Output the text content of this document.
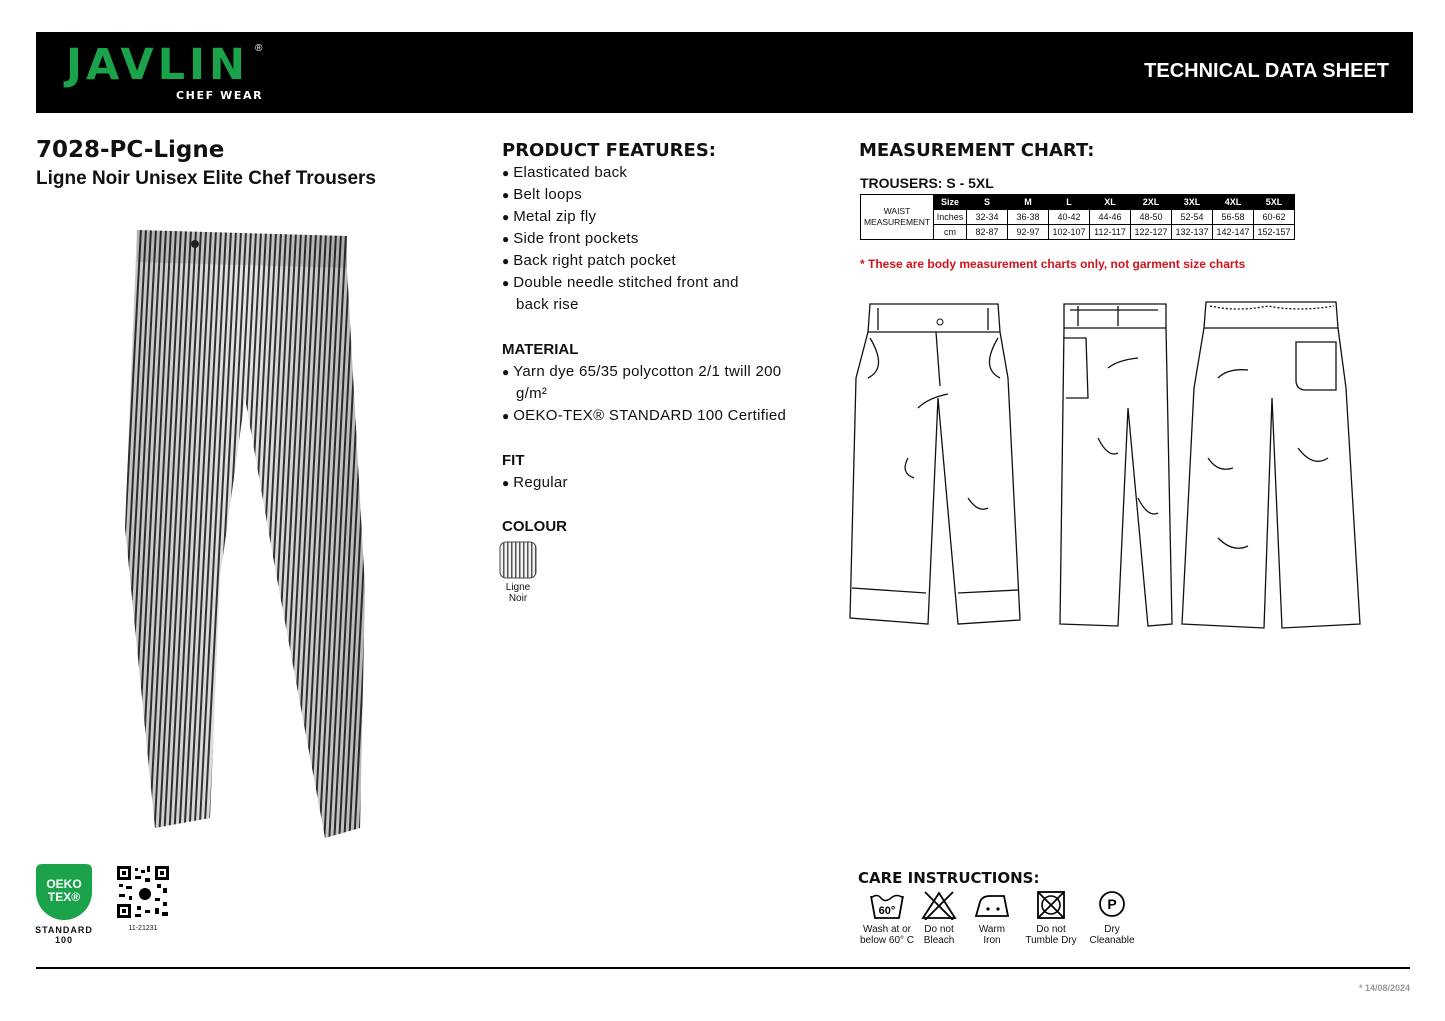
JAVLIN ®
CHEF WEAR
TECHNICAL DATA SHEET
7028-PC-Ligne
Ligne Noir Unisex Elite Chef Trousers
PRODUCT FEATURES:
● Elasticated back
● Belt loops
● Metal zip fly
● Side front pockets
● Back right patch pocket
● Double needle stitched front and back rise
MATERIAL
● Yarn dye 65/35 polycotton 2/1 twill 200 g/m²
● OEKO-TEX® STANDARD 100 Certified
FIT
● Regular
COLOUR
Ligne Noir
MEASUREMENT CHART:
TROUSERS: S - 5XL
WAIST MEASUREMENT	Size	S	M	L	XL	2XL	3XL	4XL	5XL
	Inches	32-34	36-38	40-42	44-46	48-50	52-54	56-58	60-62
	cm	82-87	92-97	102-107	112-117	122-127	132-137	142-147	152-157
* These are body measurement charts only, not garment size charts
OEKO
TEX®
STANDARD
100
11-21231
CARE INSTRUCTIONS:
60°
Wash at or
below 60° C
Do not
Bleach
Warm
Iron
Do not
Tumble Dry
P
Dry
Cleanable
* 14/08/2024
